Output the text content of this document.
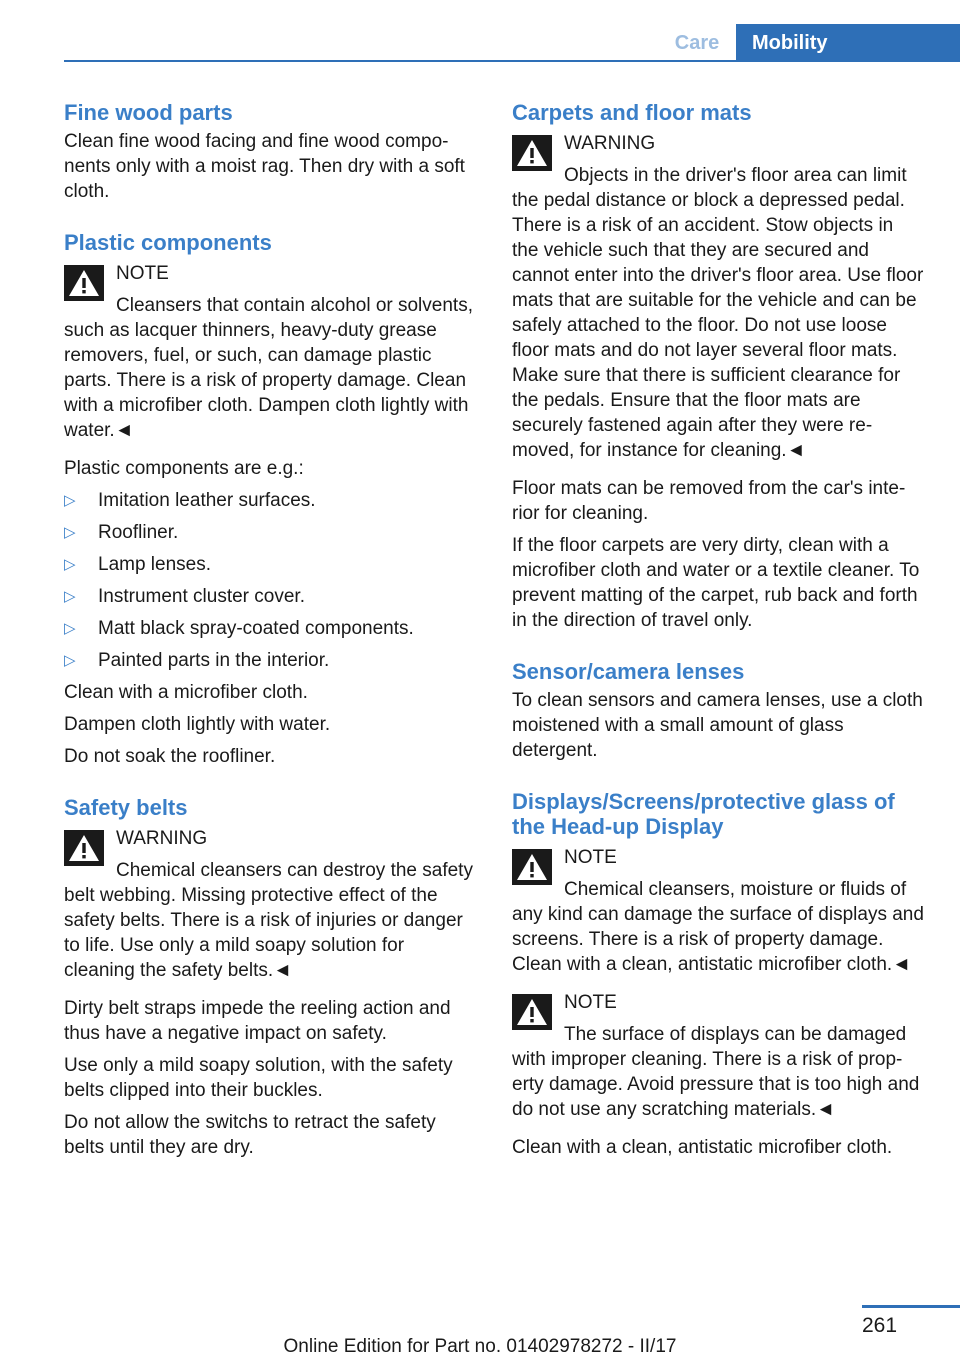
Care	Mobility
Fine wood parts

Clean fine wood facing and fine wood components only with a moist rag. Then dry with a soft cloth.

Plastic components
NOTE
Cleansers that contain alcohol or solvents, such as lacquer thinners, heavy-duty grease removers, fuel, or such, can damage plastic parts. There is a risk of property damage. Clean with a microfiber cloth. Dampen cloth lightly with water.◄

Plastic components are e.g.:

▷ Imitation leather surfaces.
▷ Roofliner.
▷ Lamp lenses.
▷ Instrument cluster cover.
▷ Matt black spray-coated components.
▷ Painted parts in the interior.

Clean with a microfiber cloth.

Dampen cloth lightly with water.

Do not soak the roofliner.

Safety belts
WARNING
Chemical cleansers can destroy the safety belt webbing. Missing protective effect of the safety belts. There is a risk of injuries or danger to life. Use only a mild soapy solution for cleaning the safety belts.◄

Dirty belt straps impede the reeling action and thus have a negative impact on safety.

Use only a mild soapy solution, with the safety belts clipped into their buckles.

Do not allow the switchs to retract the safety belts until they are dry.

Carpets and floor mats
WARNING
Objects in the driver's floor area can limit the pedal distance or block a depressed pedal. There is a risk of an accident. Stow objects in the vehicle such that they are secured and cannot enter into the driver's floor area. Use floor mats that are suitable for the vehicle and can be safely attached to the floor. Do not use loose floor mats and do not layer several floor mats. Make sure that there is sufficient clearance for the pedals. Ensure that the floor mats are securely fastened again after they were removed, for instance for cleaning.◄

Floor mats can be removed from the car's interior for cleaning.

If the floor carpets are very dirty, clean with a microfiber cloth and water or a textile cleaner. To prevent matting of the carpet, rub back and forth in the direction of travel only.

Sensor/camera lenses

To clean sensors and camera lenses, use a cloth moistened with a small amount of glass detergent.

Displays/Screens/protective glass of the Head-up Display
NOTE
Chemical cleansers, moisture or fluids of any kind can damage the surface of displays and screens. There is a risk of property damage. Clean with a clean, antistatic microfiber cloth.◄
NOTE
The surface of displays can be damaged with improper cleaning. There is a risk of property damage. Avoid pressure that is too high and do not use any scratching materials.◄

Clean with a clean, antistatic microfiber cloth.

261
Online Edition for Part no. 01402978272 - II/17
